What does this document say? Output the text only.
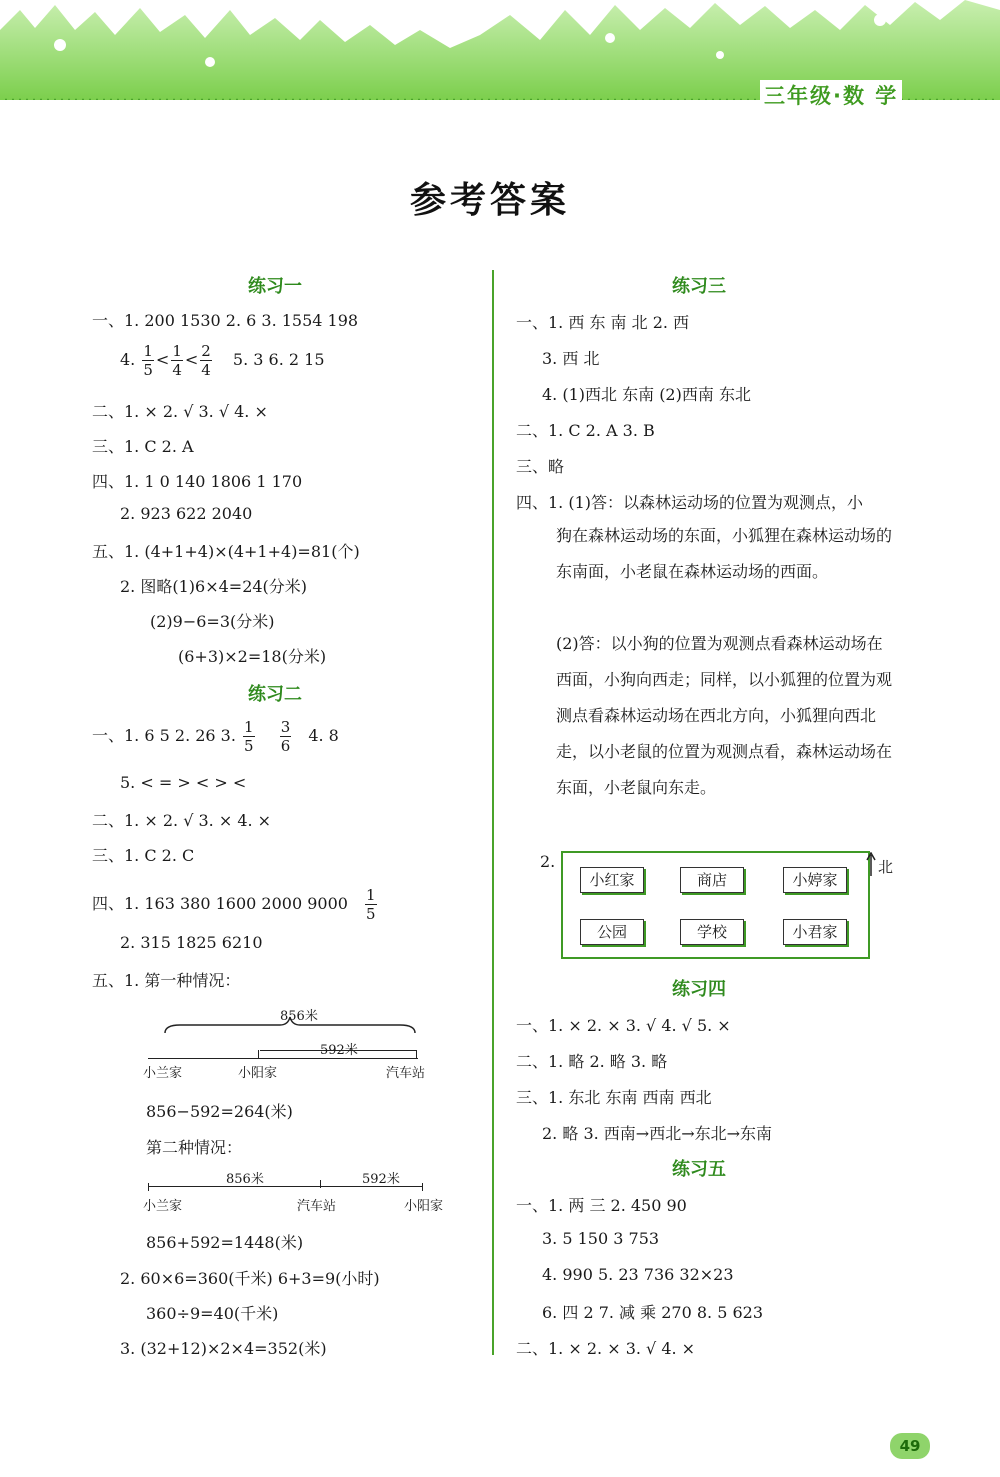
三年级·数 学
参考答案
练习一
一、1. 200 1530 2. 6 3. 1554 198
4. $\frac{1}{5} < \frac{1}{4} < \frac{2}{4} 5$. 3 6. 2 15
二、1. × 2. √ 3. √ 4. ×
三、1. C 2. A
四、1. 1 0 140 1806 1 170
2. 923 622 2040
五、1. (4+1+4)×(4+1+4)=81(个)
2. 图略(1)6×4=24(分米)
(2)9−6=3(分米)
(6+3)×2=18(分米)
练习二
一、1. 6 5 2. 26 3. $\frac{1}{5}$
$\frac{3}{6} 4$. 8
5. < = > < > <
二、1. × 2. √ 3. × 4. ×
三、1. C 2. C
四、1. 163 380 1600 2000 $9000 \frac{1}{5}$
2. 315 1825 6210
五、1. 第一种情况：
856米
592米
小兰家	小阳家	汽车站
856−592=264(米)
第二种情况：
856米	592米
小兰家	汽车站	小阳家
856+592=1448(米)
2. 60×6=360(千米) 6+3=9(小时)
360÷9=40(千米)
3. (32+12)×2×4=352(米)
练习三
一、1. 西 东 南 北 2. 西
3. 西 北
4. (1)西北 东南 (2)西南 东北
二、1. C 2. A 3. B
三、略
四、1. (1)答：以森林运动场的位置为观测点，小
狗在森林运动场的东面，小狐狸在森林运动场的东南面，小老鼠在森林运动场的西面。
(2)答：以小狗的位置为观测点看森林运动场在西面，小狗向西走；同样，以小狐狸的位置为观测点看森林运动场在西北方向，小狐狸向西北走，以小老鼠的位置为观测点看，森林运动场在东面，小老鼠向东走。
2.
小红家	商店	小婷家
公园	学校	小君家
北
练习四
一、1. × 2. × 3. √ 4. √ 5. ×
二、1. 略 2. 略 3. 略
三、1. 东北 东南 西南 西北
2. 略 3. 西南→西北→东北→东南
练习五
一、1. 两 三 2. 450 90
3. 5 150 3 753
4. 990 5. 23 736 32×23
6. 四 2 7. 减 乘 270 8. 5 623
二、1. × 2. × 3. √ 4. ×
49
